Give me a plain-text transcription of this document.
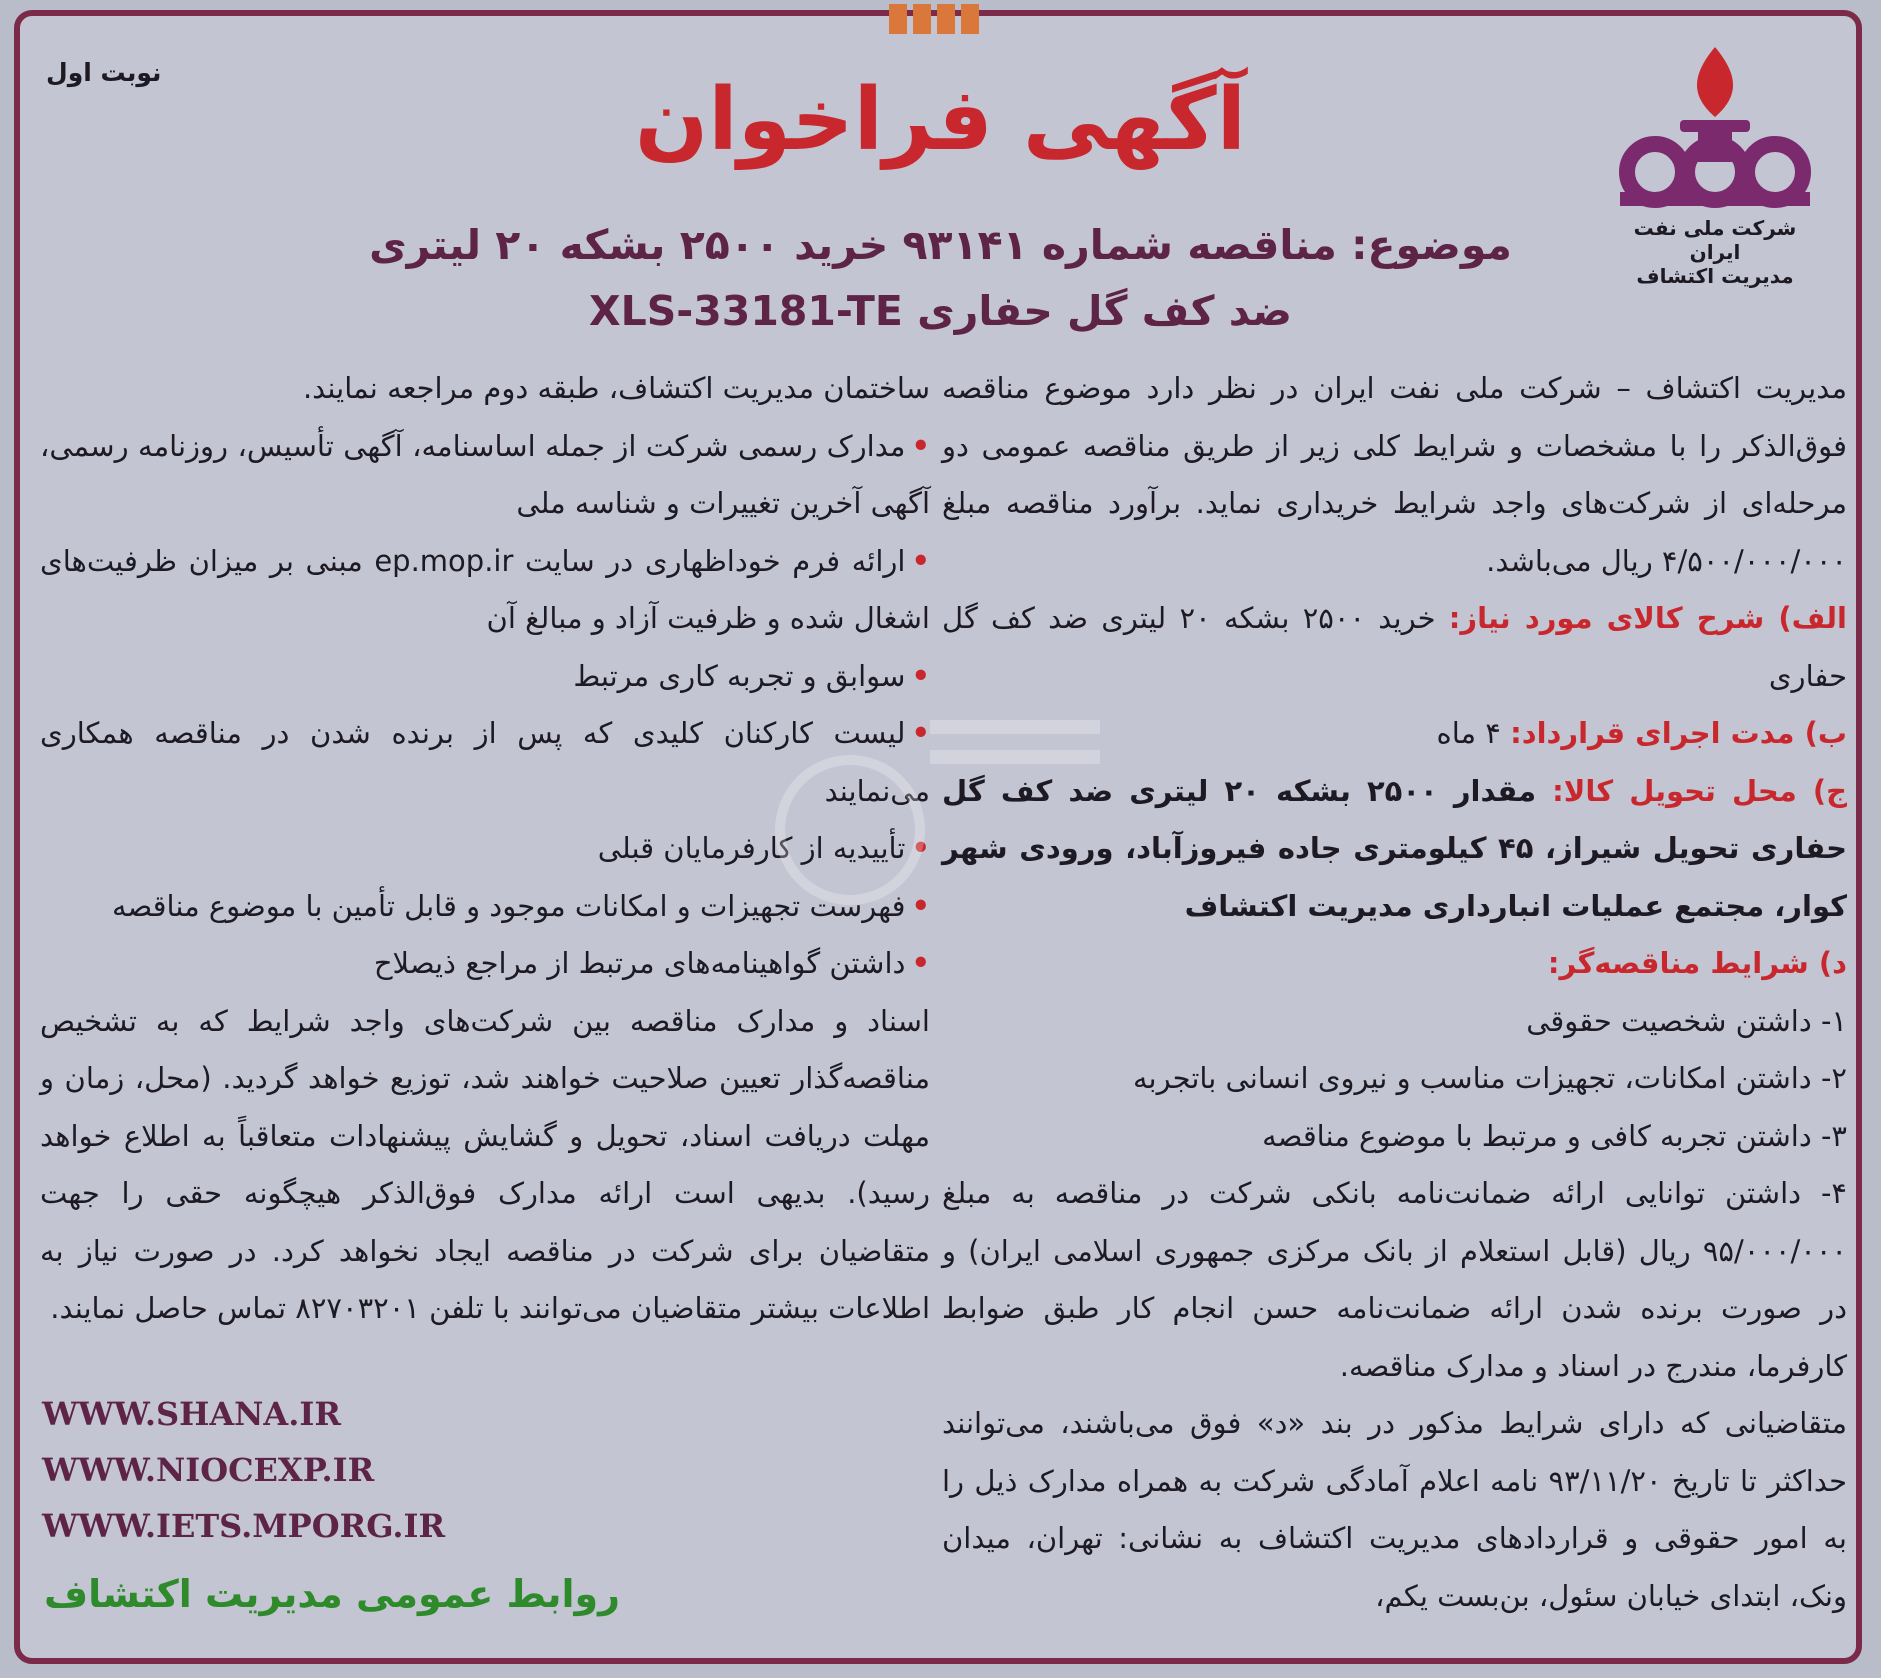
نوبت اول
شرکت ملی نفت ایران
مدیریت اکتشاف
آگهی فراخوان
موضوع: مناقصه شماره ۹۳۱۴۱ خرید ۲۵۰۰ بشکه ۲۰ لیتری
ضد کف گل حفاری XLS-33181-TE

مدیریت اکتشاف – شرکت ملی نفت ایران در نظر دارد موضوع مناقصه فوق‌الذکر را با مشخصات و شرایط کلی زیر از طریق مناقصه عمومی دو مرحله‌ای از شرکت‌های واجد شرایط خریداری نماید. برآورد مناقصه مبلغ ۴/۵۰۰/۰۰۰/۰۰۰ ریال می‌باشد.

الف) شرح کالای مورد نیاز: خرید ۲۵۰۰ بشکه ۲۰ لیتری ضد کف گل حفاری

ب) مدت اجرای قرارداد: ۴ ماه

ج) محل تحویل کالا: مقدار ۲۵۰۰ بشکه ۲۰ لیتری ضد کف گل حفاری تحویل شیراز، ۴۵ کیلومتری جاده فیروزآباد، ورودی شهر کوار، مجتمع عملیات انبارداری مدیریت اکتشاف

د) شرایط مناقصه‌گر:

۱- داشتن شخصیت حقوقی

۲- داشتن امکانات، تجهیزات مناسب و نیروی انسانی باتجربه

۳- داشتن تجربه کافی و مرتبط با موضوع مناقصه

۴- داشتن توانایی ارائه ضمانت‌نامه بانکی شرکت در مناقصه به مبلغ ۹۵/۰۰۰/۰۰۰ ریال (قابل استعلام از بانک مرکزی جمهوری اسلامی ایران) و در صورت برنده شدن ارائه ضمانت‌نامه حسن انجام کار طبق ضوابط کارفرما، مندرج در اسناد و مدارک مناقصه.

متقاضیانی که دارای شرایط مذکور در بند «د» فوق می‌باشند، می‌توانند حداکثر تا تاریخ ۹۳/۱۱/۲۰ نامه اعلام آمادگی شرکت به همراه مدارک ذیل را به امور حقوقی و قراردادهای مدیریت اکتشاف به نشانی: تهران، میدان ونک، ابتدای خیابان سئول، بن‌بست یکم،

ساختمان مدیریت اکتشاف، طبقه دوم مراجعه نمایند.

•مدارک رسمی شرکت از جمله اساسنامه، آگهی تأسیس، روزنامه رسمی، آگهی آخرین تغییرات و شناسه ملی

•ارائه فرم خوداظهاری در سایت ep.mop.ir مبنی بر میزان ظرفیت‌های اشغال شده و ظرفیت آزاد و مبالغ آن

•سوابق و تجربه کاری مرتبط

•لیست کارکنان کلیدی که پس از برنده شدن در مناقصه همکاری می‌نمایند

•تأییدیه از کارفرمایان قبلی

•فهرست تجهیزات و امکانات موجود و قابل تأمین با موضوع مناقصه

•داشتن گواهینامه‌های مرتبط از مراجع ذیصلاح

اسناد و مدارک مناقصه بین شرکت‌های واجد شرایط که به تشخیص مناقصه‌گذار تعیین صلاحیت خواهند شد، توزیع خواهد گردید. (محل، زمان و مهلت دریافت اسناد، تحویل و گشایش پیشنهادات متعاقباً به اطلاع خواهد رسید). بدیهی است ارائه مدارک فوق‌الذکر هیچگونه حقی را جهت متقاضیان برای شرکت در مناقصه ایجاد نخواهد کرد. در صورت نیاز به اطلاعات بیشتر متقاضیان می‌توانند با تلفن ۸۲۷۰۳۲۰۱ تماس حاصل نمایند.

WWW.SHANA.IR
WWW.NIOCEXP.IR
WWW.IETS.MPORG.IR
روابط عمومی مدیریت اکتشاف
